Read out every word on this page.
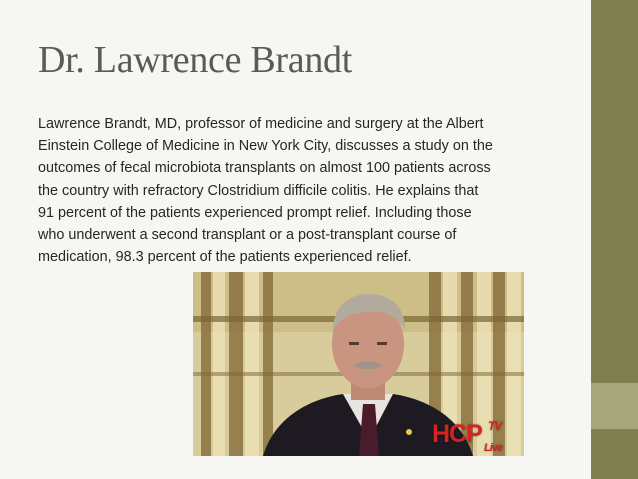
Dr. Lawrence Brandt
Lawrence Brandt, MD, professor of medicine and surgery at the Albert
Einstein College of Medicine in New York City, discusses a study on the
outcomes of fecal microbiota transplants on almost 100 patients across
the country with refractory Clostridium difficile colitis. He explains that
91 percent of the patients experienced prompt relief. Including those
who underwent a second transplant or a post-transplant course of
medication, 98.3 percent of the patients experienced relief.
HCP TV
Live
